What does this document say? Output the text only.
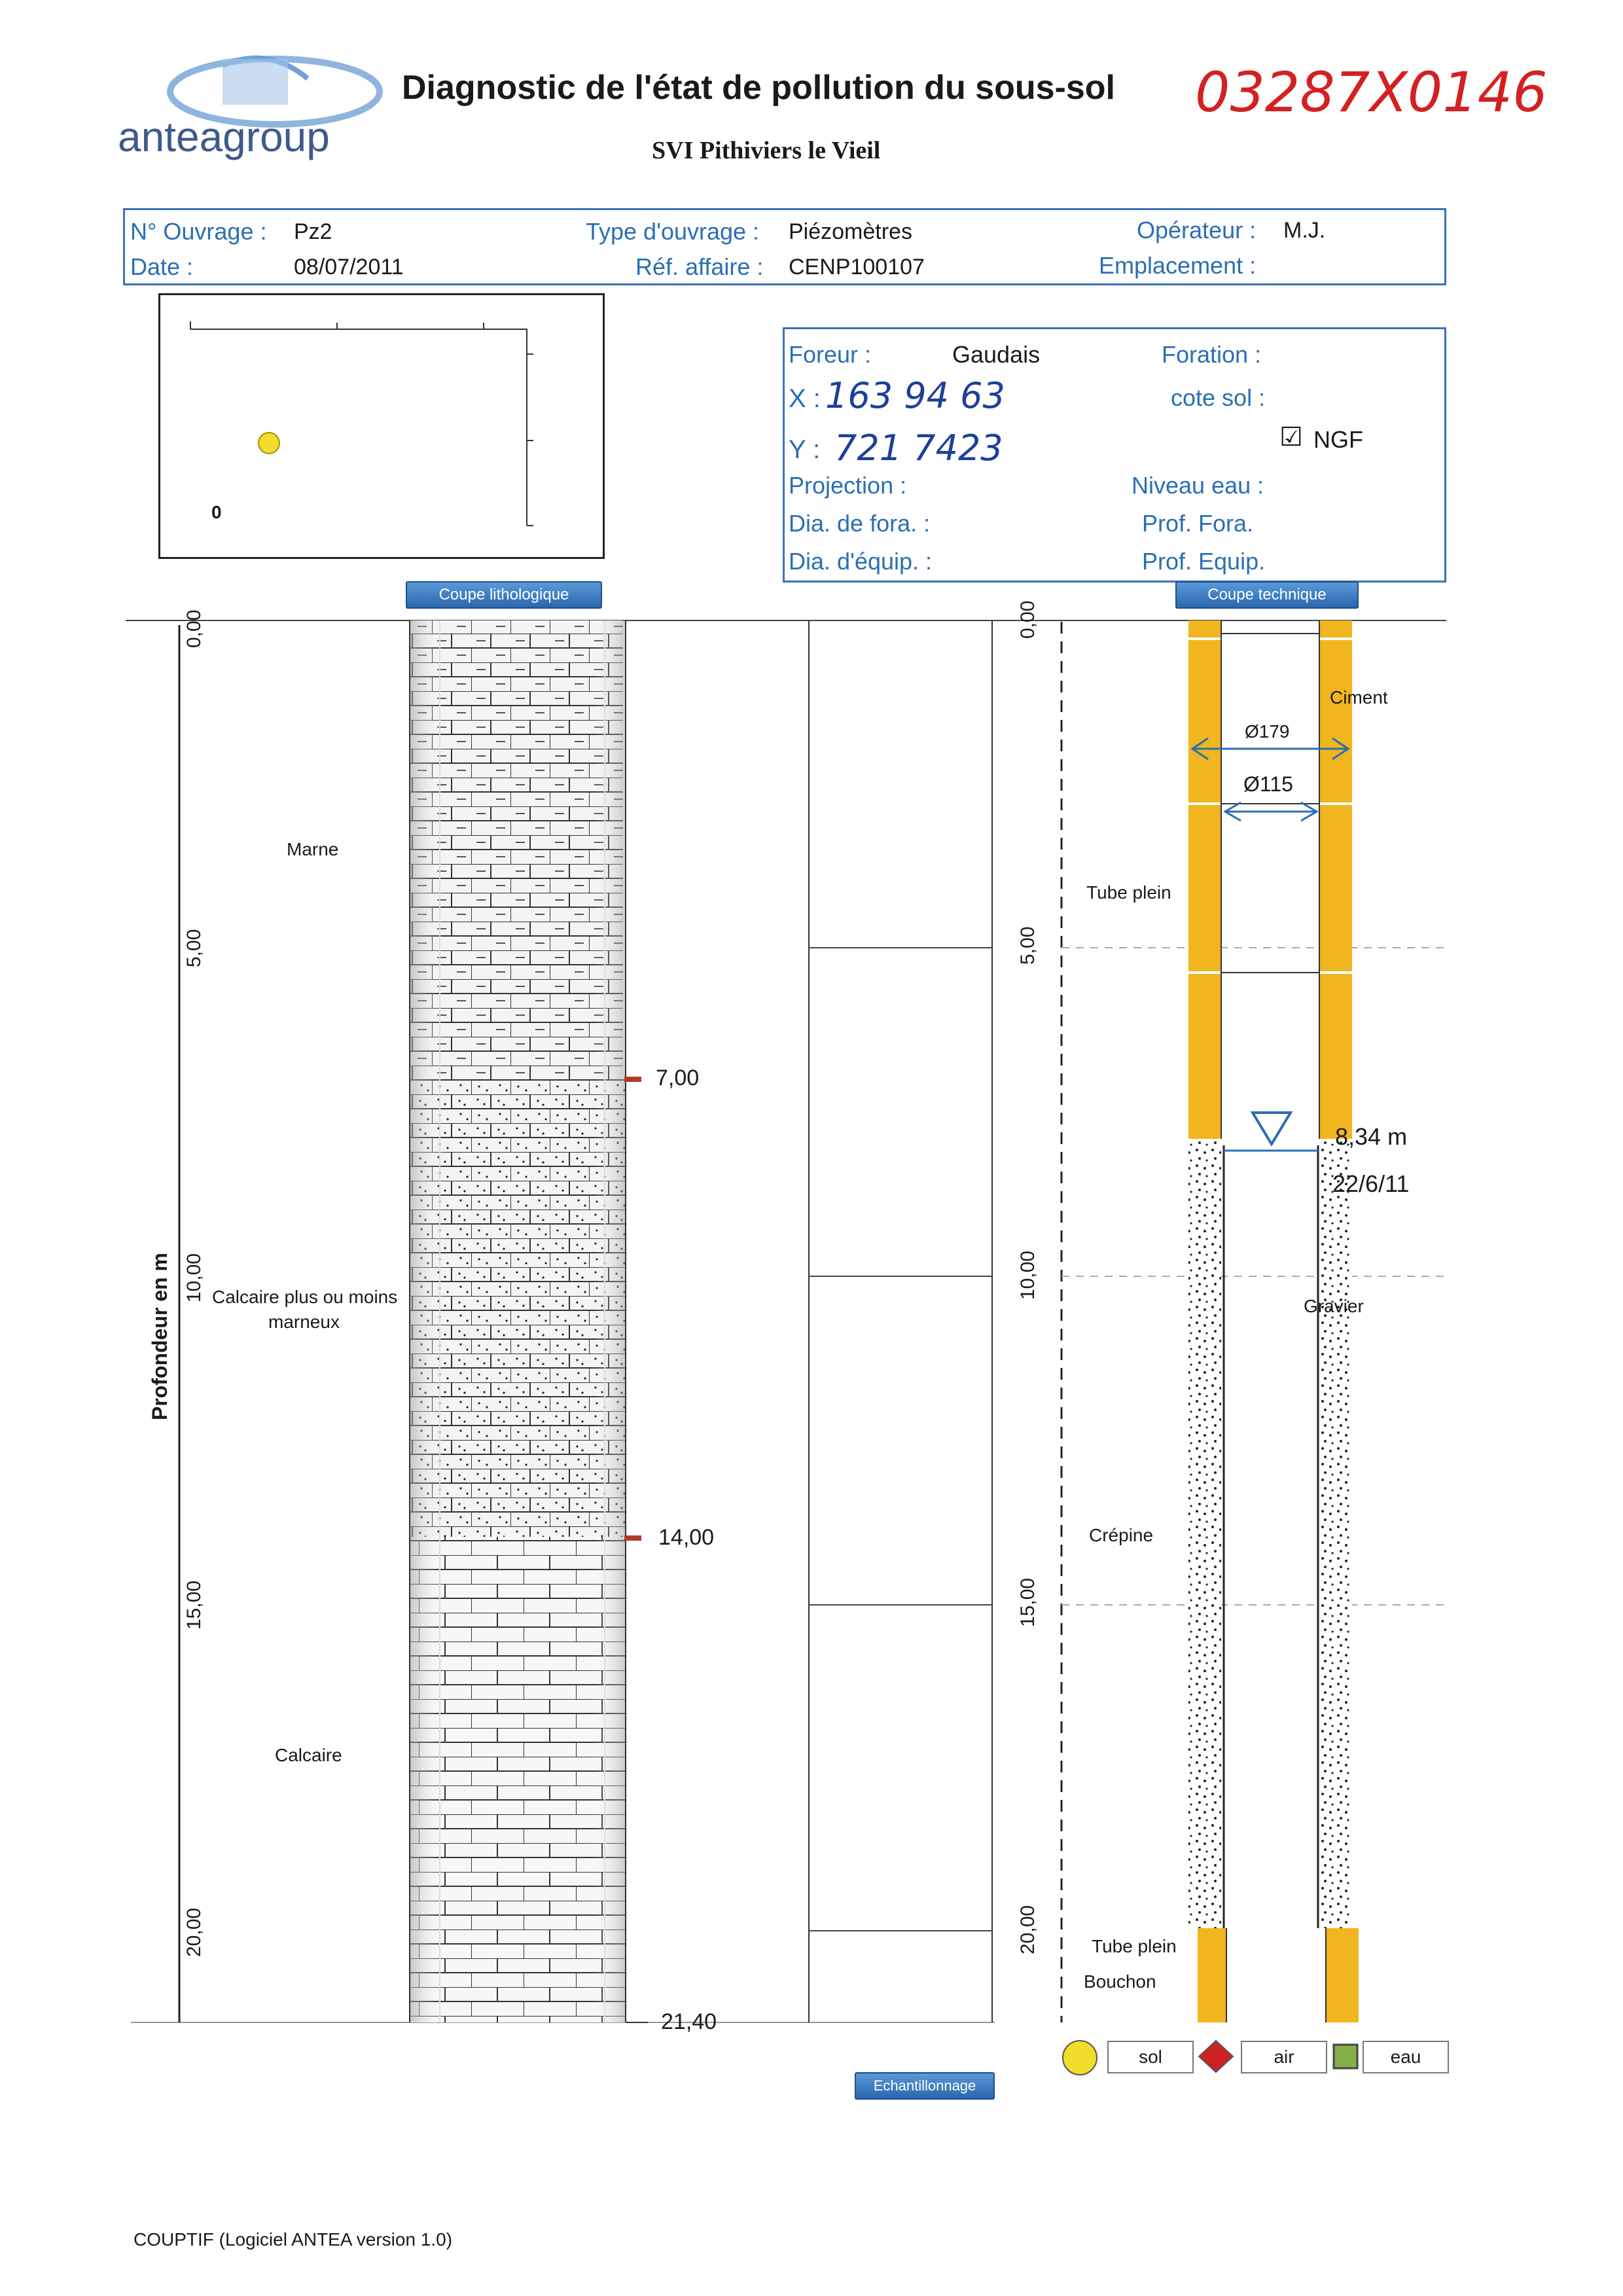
anteagroup
Diagnostic de l'état de pollution du sous-sol
SVI Pithiviers le Vieil
03287X0146
N° Ouvrage : Pz2
Date :	08/07/2011
Type d'ouvrage : Piézomètres
Réf. affaire : CENP100107
Opérateur : M.J.
Emplacement :
0
Foreur :	Gaudais	Foration :
X : 163 94 63	cote sol :
Y : 721 7423	☑ NGF
Projection :	Niveau eau :
Dia. de fora. :	Prof. Fora.
Dia. d'équip. :	Prof. Equip.
Coupe lithologique	Coupe technique
Echantillonnage
0,00
5,00
10,00
15,00
20,00
Profondeur en m
0,00
5,00
10,00
15,00
20,00
Marne
Calcaire plus ou moins
marneux
Calcaire
7,00
14,00
21,40
Ciment
Ø179
Ø115
Tube plein
8,34 m
22/6/11
Gravier
Crépine
Tube plein
Bouchon
sol	air	eau
COUPTIF (Logiciel ANTEA version 1.0)
